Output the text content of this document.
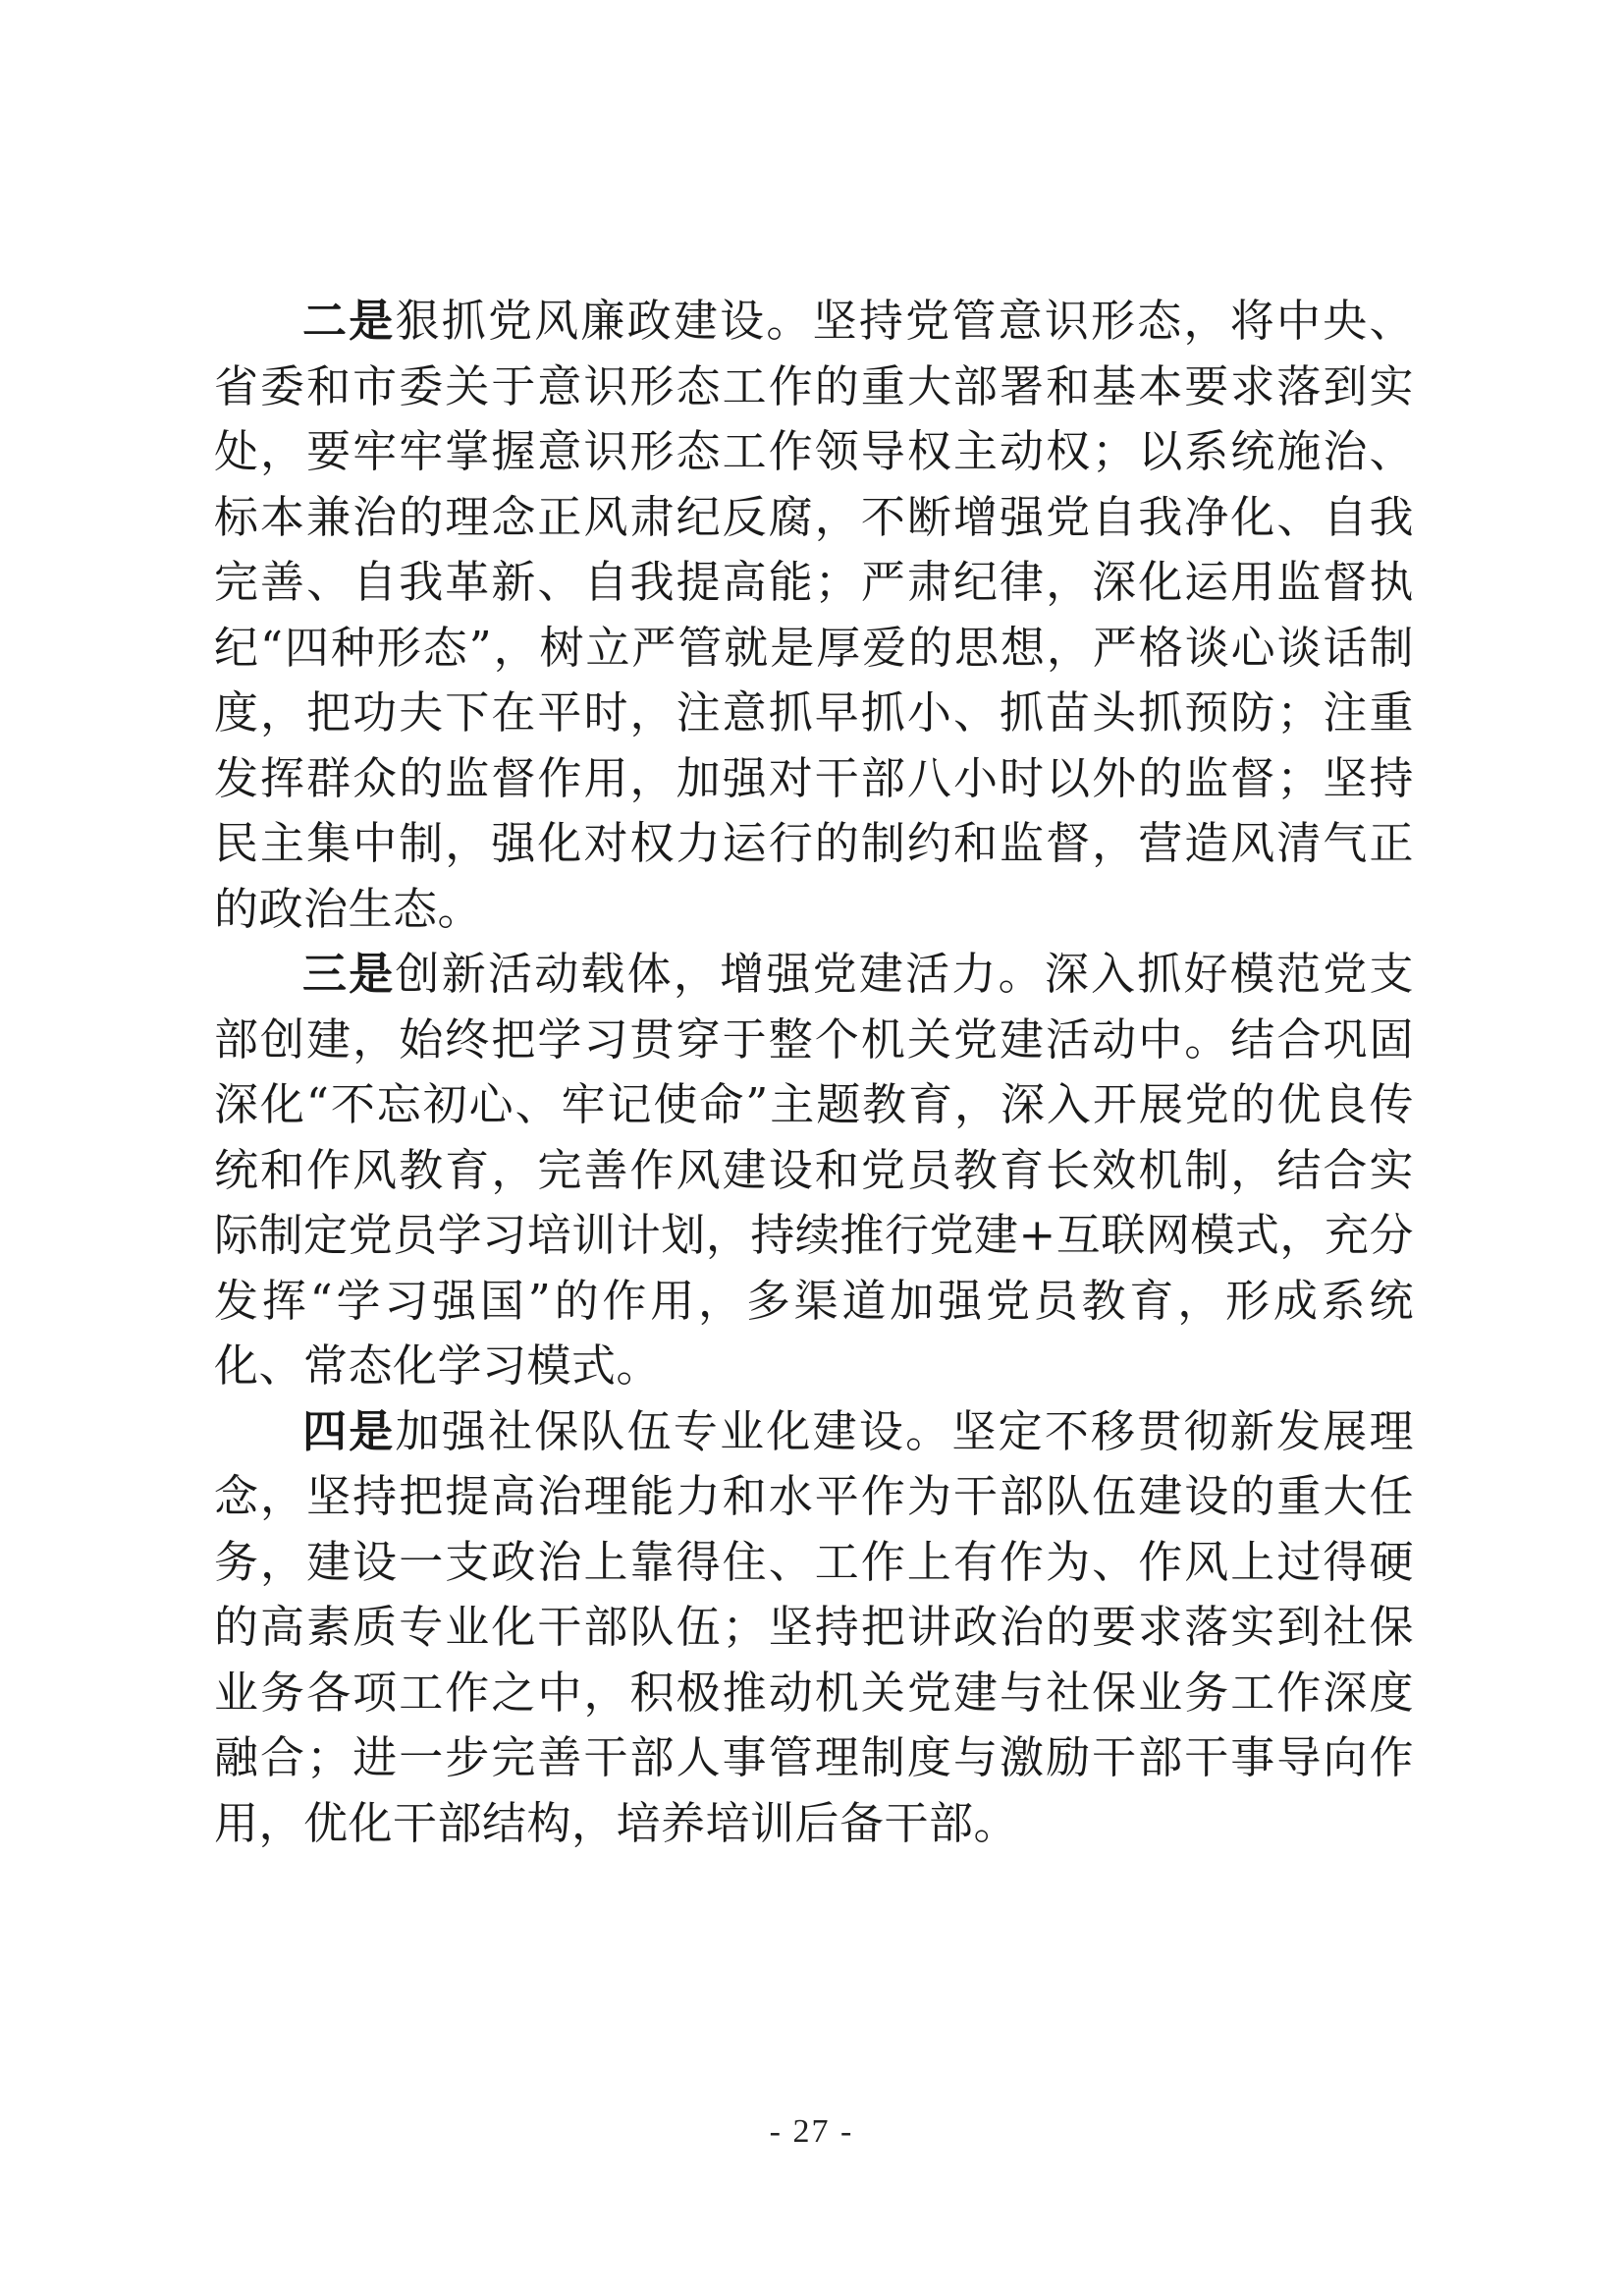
二是狠抓党风廉政建设。坚持党管意识形态，将中央、省委和市委关于意识形态工作的重大部署和基本要求落到实处，要牢牢掌握意识形态工作领导权主动权；以系统施治、标本兼治的理念正风肃纪反腐，不断增强党自我净化、自我完善、自我革新、自我提高能；严肃纪律，深化运用监督执纪“四种形态”，树立严管就是厚爱的思想，严格谈心谈话制度，把功夫下在平时，注意抓早抓小、抓苗头抓预防；注重发挥群众的监督作用，加强对干部八小时以外的监督；坚持民主集中制，强化对权力运行的制约和监督，营造风清气正的政治生态。

三是创新活动载体，增强党建活力。深入抓好模范党支部创建，始终把学习贯穿于整个机关党建活动中。结合巩固深化“不忘初心、牢记使命”主题教育，深入开展党的优良传统和作风教育，完善作风建设和党员教育长效机制，结合实际制定党员学习培训计划，持续推行党建+互联网模式，充分发挥“学习强国”的作用，多渠道加强党员教育，形成系统化、常态化学习模式。

四是加强社保队伍专业化建设。坚定不移贯彻新发展理念，坚持把提高治理能力和水平作为干部队伍建设的重大任务，建设一支政治上靠得住、工作上有作为、作风上过得硬的高素质专业化干部队伍；坚持把讲政治的要求落实到社保业务各项工作之中，积极推动机关党建与社保业务工作深度融合；进一步完善干部人事管理制度与激励干部干事导向作用，优化干部结构，培养培训后备干部。

- 27 -
